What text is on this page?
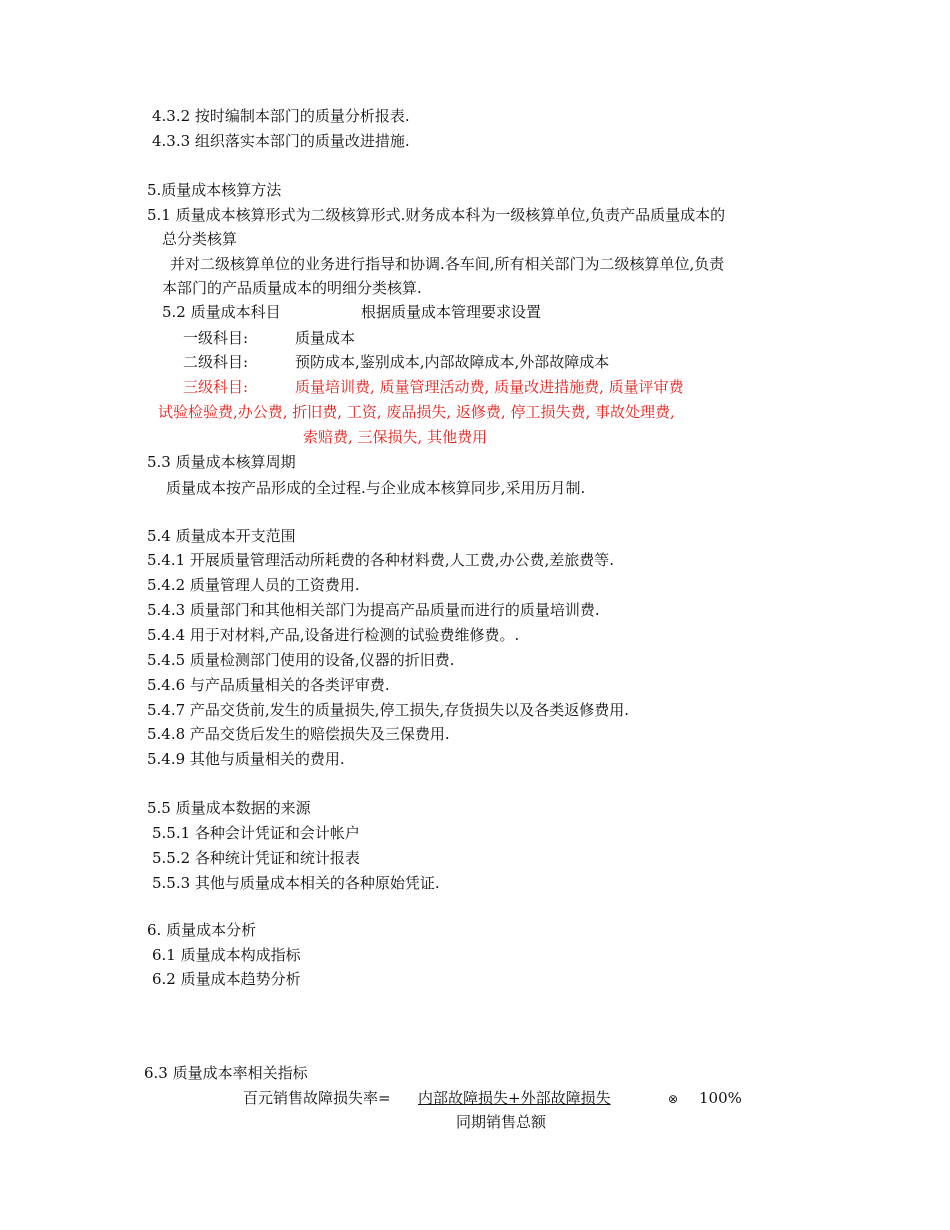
4.3.2 按时编制本部门的质量分析报表.
4.3.3 组织落实本部门的质量改进措施.
5.质量成本核算方法
5.1 质量成本核算形式为二级核算形式.财务成本科为一级核算单位,负责产品质量成本的
总分类核算
并对二级核算单位的业务进行指导和协调.各车间,所有相关部门为二级核算单位,负责
本部门的产品质量成本的明细分类核算.
5.2 质量成本科目	根据质量成本管理要求设置
一级科目:	质量成本
二级科目:	预防成本,鉴别成本,内部故障成本,外部故障成本
三级科目:	质量培训费, 质量管理活动费, 质量改进措施费, 质量评审费
试验检验费,办公费, 折旧费, 工资, 废品损失, 返修费, 停工损失费, 事故处理费,
索赔费, 三保损失, 其他费用
5.3 质量成本核算周期
质量成本按产品形成的全过程.与企业成本核算同步,采用历月制.
5.4 质量成本开支范围
5.4.1 开展质量管理活动所耗费的各种材料费,人工费,办公费,差旅费等.
5.4.2 质量管理人员的工资费用.
5.4.3 质量部门和其他相关部门为提高产品质量而进行的质量培训费.
5.4.4 用于对材料,产品,设备进行检测的试验费维修费。.
5.4.5 质量检测部门使用的设备,仪器的折旧费.
5.4.6 与产品质量相关的各类评审费.
5.4.7 产品交货前,发生的质量损失,停工损失,存货损失以及各类返修费用.
5.4.8 产品交货后发生的赔偿损失及三保费用.
5.4.9 其他与质量相关的费用.
5.5 质量成本数据的来源
5.5.1 各种会计凭证和会计帐户
5.5.2 各种统计凭证和统计报表
5.5.3 其他与质量成本相关的各种原始凭证.
6. 质量成本分析
6.1 质量成本构成指标
6.2 质量成本趋势分析
6.3 质量成本率相关指标
百元销售故障损失率= 内部故障损失+外部故障损失	⊗ 100%
同期销售总额
